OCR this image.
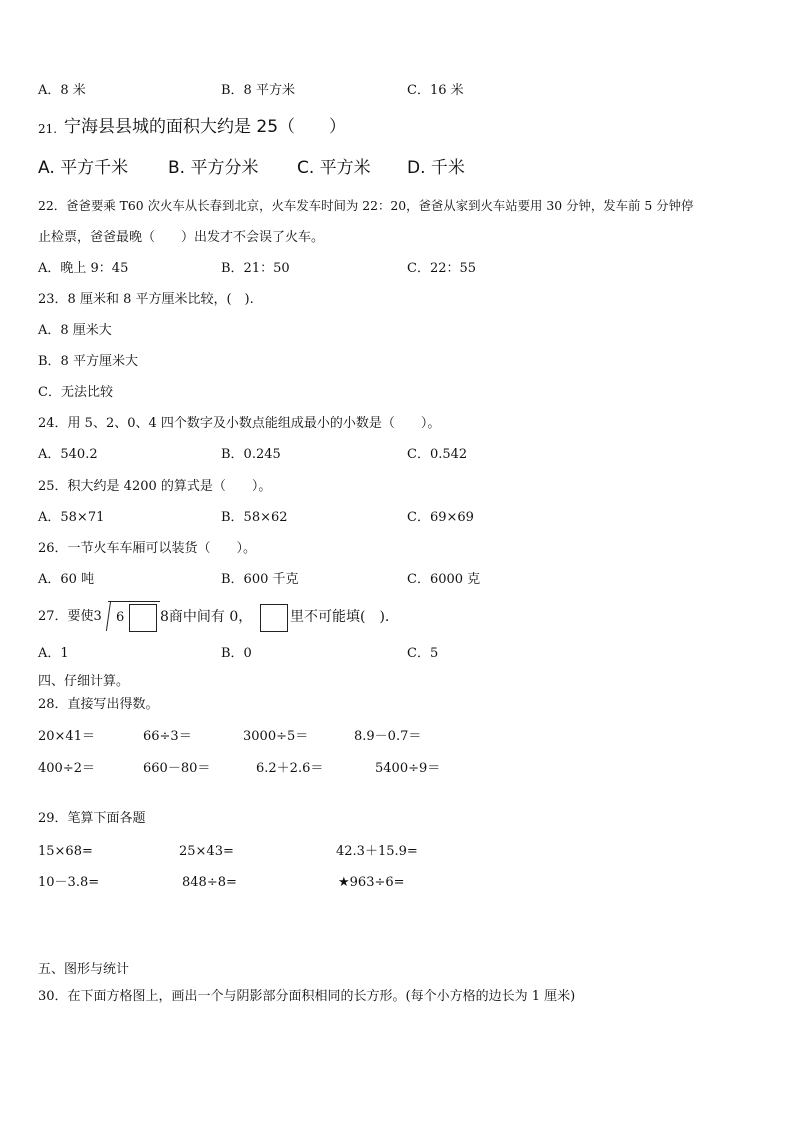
A．8 米	B．8 平方米	C．16 米
21. 宁海县县城的面积大约是 25（　　）
A. 平方千米 B. 平方分米 C. 平方米 D. 千米
22．爸爸要乘 T60 次火车从长春到北京，火车发车时间为 22：20，爸爸从家到火车站要用 30 分钟，发车前 5 分钟停
止检票，爸爸最晚（　　）出发才不会误了火车。
A．晚上 9：45	B．21：50	C．22：55
23．8 厘米和 8 平方厘米比较，(　).
A．8 厘米大
B．8 平方厘米大
C．无法比较
24．用 5、2、0、4 四个数字及小数点能组成最小的小数是（　　）。
A．540.2	B．0.245	C．0.542
25．积大约是 4200 的算式是（　　）。
A．58×71	B．58×62	C．69×69
26．一节火车车厢可以装货（　　）。
A．60 吨	B．600 千克	C．6000 克
27．要使3 6	8商中间有 0，	里不可能填(　).
A．1	B．0	C．5
四、仔细计算。
28．直接写出得数。
20×41＝	66÷3＝	3000÷5＝	8.9－0.7＝
400÷2＝	660－80＝	6.2＋2.6＝	5400÷9＝
29．笔算下面各题
15×68=	25×43=	42.3＋15.9=
10－3.8=	848÷8=	★963÷6=
五、图形与统计
30．在下面方格图上，画出一个与阴影部分面积相同的长方形。(每个小方格的边长为 1 厘米)
